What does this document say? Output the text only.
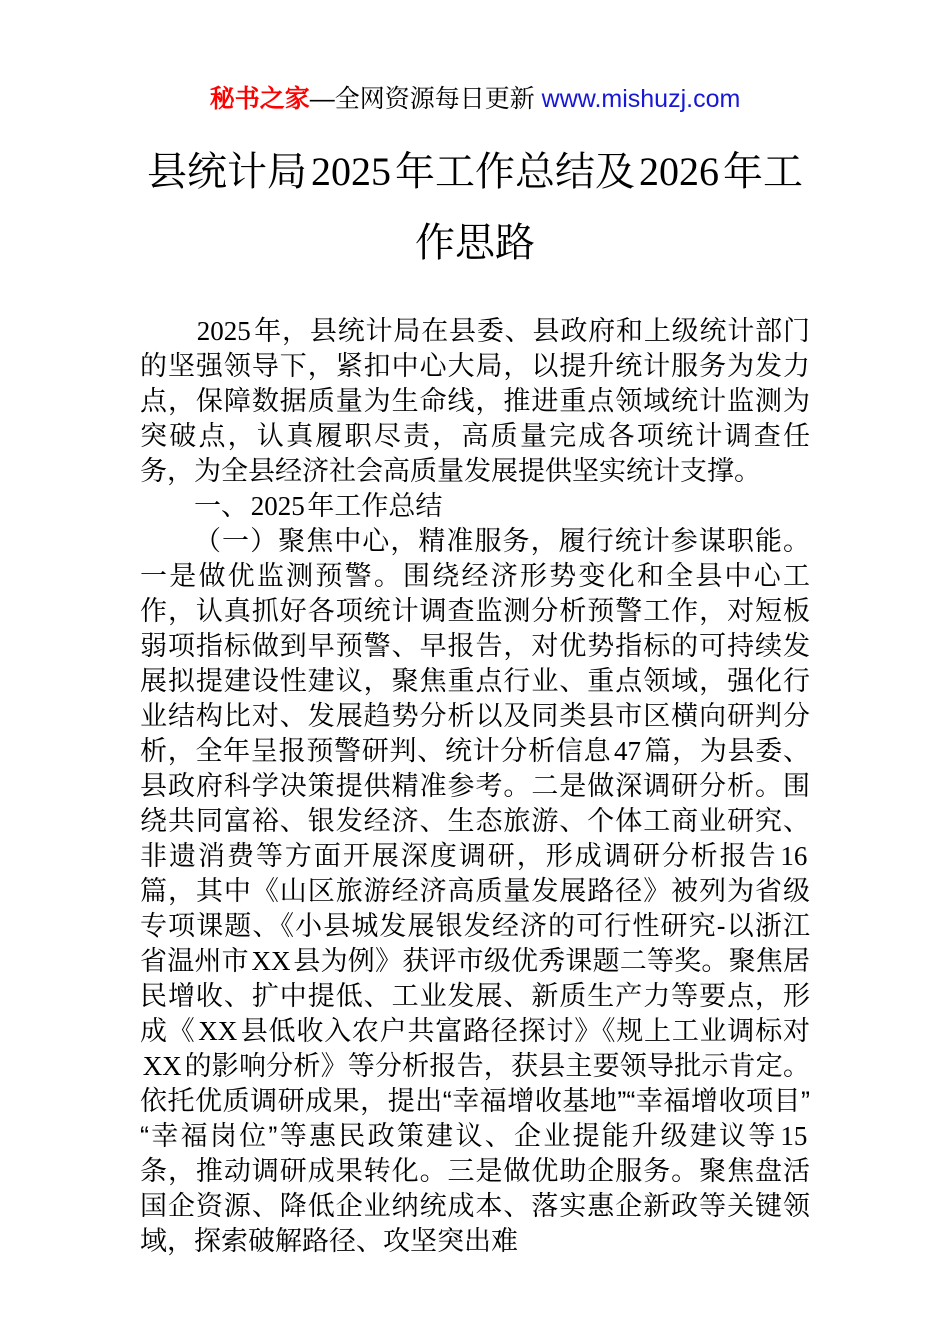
秘书之家—全网资源每日更新 www.mishuzj.com
县统计局 2025 年工作总结及 2026 年工作思路

2025年，县统计局在县委、县政府和上级统计部门的坚强领导下，紧扣中心大局，以提升统计服务为发力点，保障数据质量为生命线，推进重点领域统计监测为突破点，认真履职尽责，高质量完成各项统计调查任务，为全县经济社会高质量发展提供坚实统计支撑。

一、2025年工作总结

（一）聚焦中心，精准服务，履行统计参谋职能。一是做优监测预警。围绕经济形势变化和全县中心工作，认真抓好各项统计调查监测分析预警工作，对短板弱项指标做到早预警、早报告，对优势指标的可持续发展拟提建设性建议，聚焦重点行业、重点领域，强化行业结构比对、发展趋势分析以及同类县市区横向研判分析，全年呈报预警研判、统计分析信息47篇，为县委、县政府科学决策提供精准参考。二是做深调研分析。围绕共同富裕、银发经济、生态旅游、个体工商业研究、非遗消费等方面开展深度调研，形成调研分析报告16篇，其中《山区旅游经济高质量发展路径》被列为省级专项课题、《小县城发展银发经济的可行性研究-以浙江省温州市XX县为例》获评市级优秀课题二等奖。聚焦居民增收、扩中提低、工业发展、新质生产力等要点，形成《XX县低收入农户共富路径探讨》《规上工业调标对XX的影响分析》等分析报告，获县主要领导批示肯定。依托优质调研成果，提出“幸福增收基地”“幸福增收项目”“幸福岗位”等惠民政策建议、企业提能升级建议等15条，推动调研成果转化。三是做优助企服务。聚焦盘活国企资源、降低企业纳统成本、落实惠企新政等关键领域，探索破解路径、攻坚突出难
